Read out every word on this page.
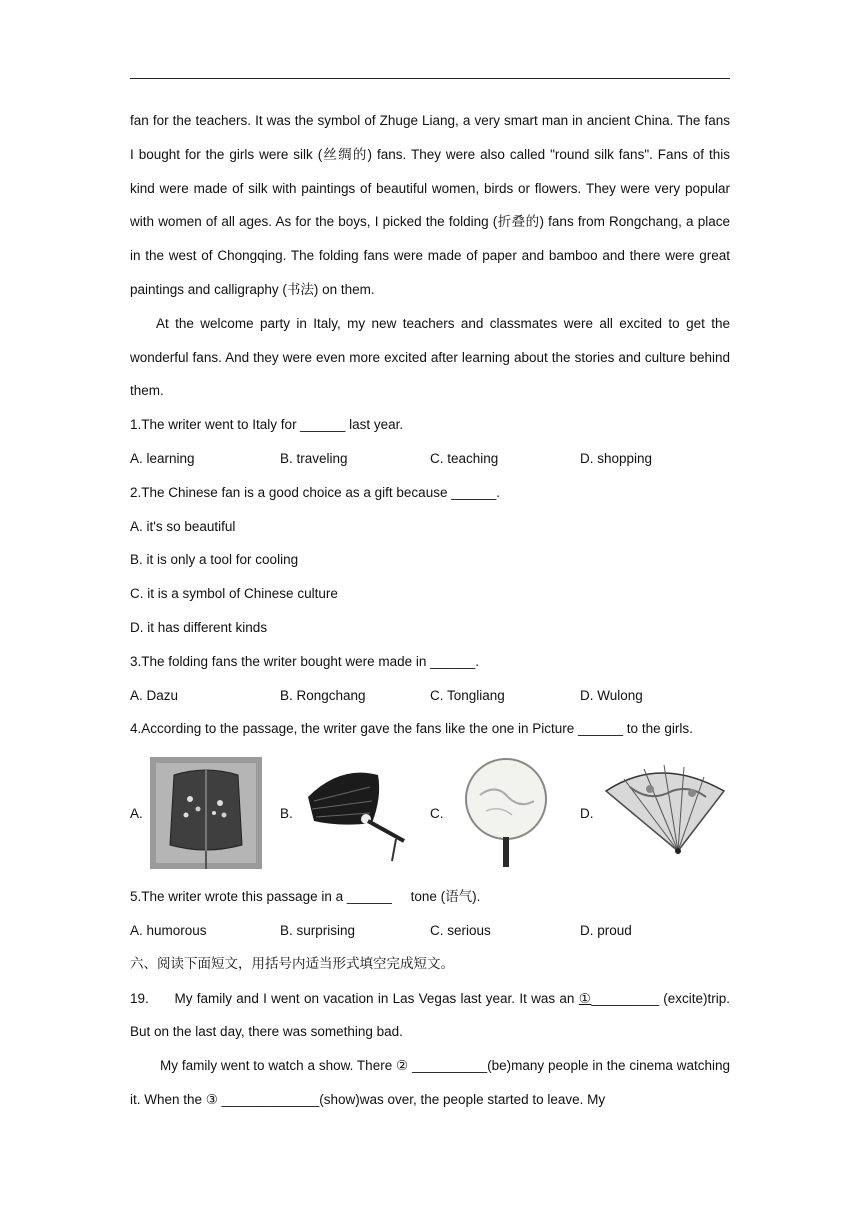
fan for the teachers. It was the symbol of Zhuge Liang, a very smart man in ancient China. The fans I bought for the girls were silk (丝绸的) fans. They were also called "round silk fans". Fans of this kind were made of silk with paintings of beautiful women, birds or flowers. They were very popular with women of all ages. As for the boys, I picked the folding (折叠的) fans from Rongchang, a place in the west of Chongqing. The folding fans were made of paper and bamboo and there were great paintings and calligraphy (书法) on them.

At the welcome party in Italy, my new teachers and classmates were all excited to get the wonderful fans. And they were even more excited after learning about the stories and culture behind them.

1.The writer went to Italy for ______ last year.

A. learning	B. traveling	C. teaching	D. shopping

2.The Chinese fan is a good choice as a gift because ______.

A. it's so beautiful

B. it is only a tool for cooling

C. it is a symbol of Chinese culture

D. it has different kinds

3.The folding fans the writer bought were made in ______.

A. Dazu	B. Rongchang	C. Tongliang	D. Wulong

4.According to the passage, the writer gave the fans like the one in Picture ______ to the girls.

A.	B.	C.	D.

5.The writer wrote this passage in a ______     tone (语气).

A. humorous	B. surprising	C. serious	D. proud

六、阅读下面短文，用括号内适当形式填空完成短文。

19.      My family and I went on vacation in Las Vegas last year. It was an ①_________ (excite)trip. But on the last day, there was something bad.

My family went to watch a show. There ② __________(be)many people in the cinema watching it. When the ③ _____________(show)was over, the people started to leave. My
